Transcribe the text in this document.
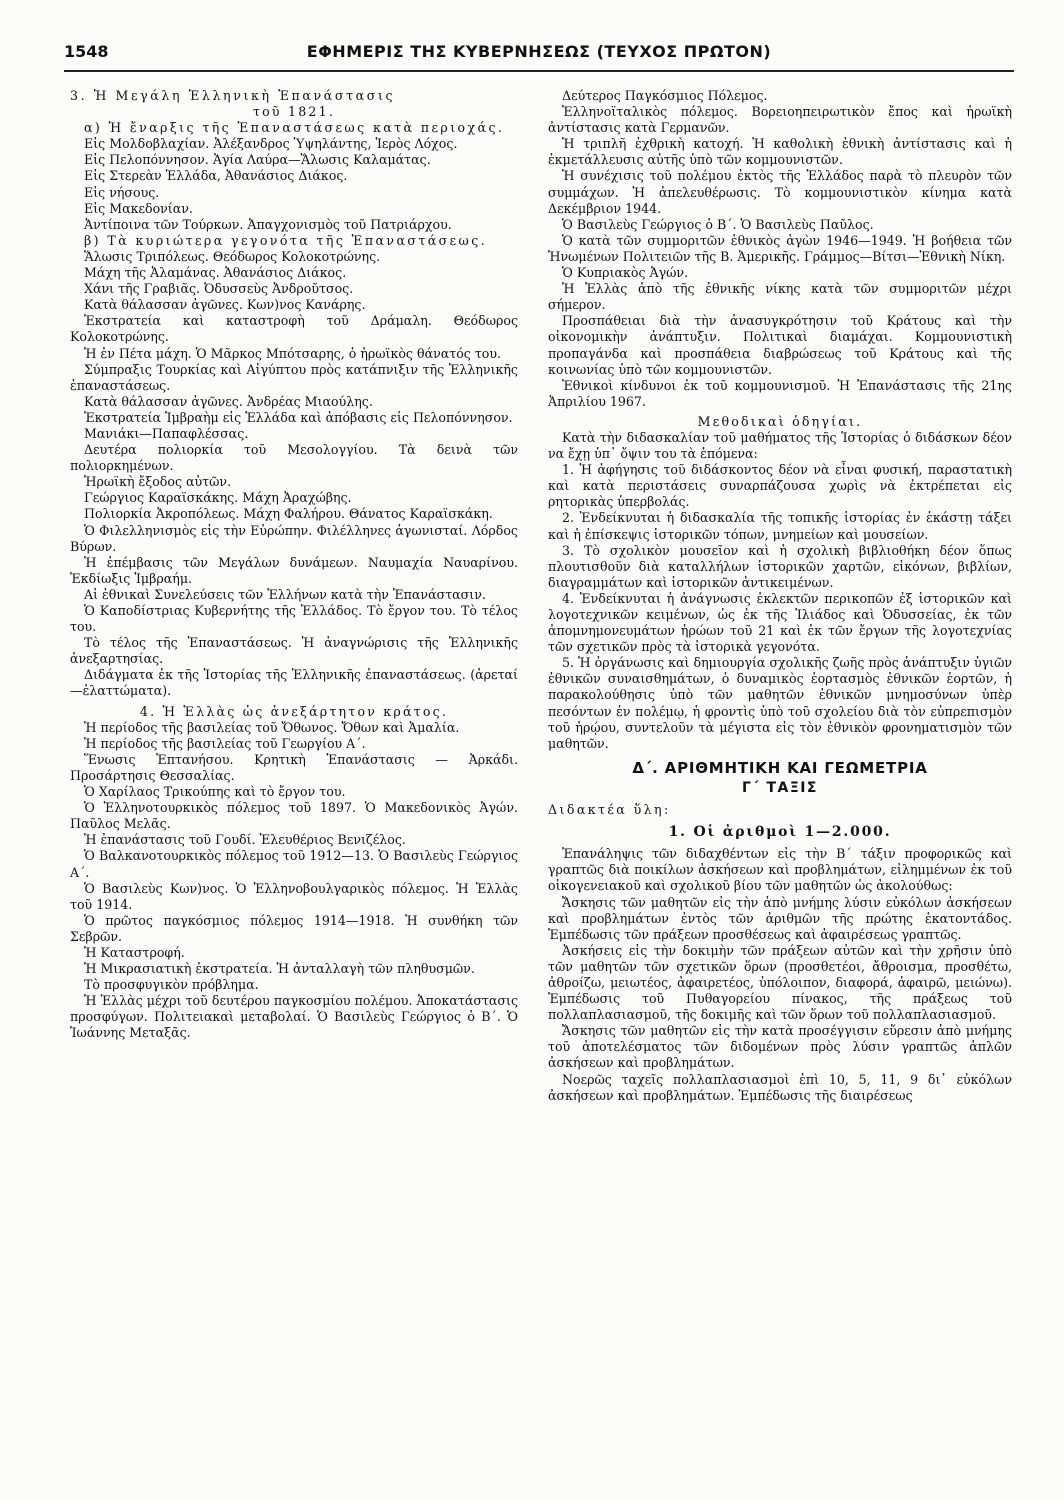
1548	ΕΦΗΜΕΡΙΣ ΤΗΣ ΚΥΒΕΡΝΗΣΕΩΣ (ΤΕΥΧΟΣ ΠΡΩΤΟΝ)

3. Ἡ Μεγάλη Ἑλληνικὴ Ἐπανάστασις

τοῦ 1821.

α) Ἡ ἔναρξις τῆς Ἐπαναστάσεως κατὰ περιοχάς.

Εἰς Μολδοβλαχίαν. Ἀλέξανδρος Ὑψηλάντης, Ἱερὸς Λόχος.

Εἰς Πελοπόννησον. Ἁγία Λαύρα—Ἅλωσις Καλαμάτας.

Εἰς Στερεὰν Ἑλλάδα, Ἀθανάσιος Διάκος.

Εἰς νήσους.

Εἰς Μακεδονίαν.

Ἀντίποινα τῶν Τούρκων. Ἀπαγχονισμὸς τοῦ Πατριάρχου.

β) Τὰ κυριώτερα γεγονότα τῆς Ἐπαναστάσεως.

Ἅλωσις Τριπόλεως. Θεόδωρος Κολοκοτρώνης.

Μάχη τῆς Ἀλαμάνας. Ἀθανάσιος Διάκος.

Χάνι τῆς Γραβιᾶς. Ὀδυσσεὺς Ἀνδροῦτσος.

Κατὰ θάλασσαν ἀγῶνες. Κων)νος Κανάρης.

Ἐκστρατεία καὶ καταστροφὴ τοῦ Δράμαλη. Θεόδωρος Κολοκοτρώνης.

Ἡ ἐν Πέτα μάχη. Ὁ Μᾶρκος Μπότσαρης, ὁ ἡρωϊκὸς θάνατός του.

Σύμπραξις Τουρκίας καὶ Αἰγύπτου πρὸς κατάπνιξιν τῆς Ἑλληνικῆς ἐπαναστάσεως.

Κατὰ θάλασσαν ἀγῶνες. Ἀνδρέας Μιαούλης.

Ἐκστρατεία Ἰμβραὴμ εἰς Ἑλλάδα καὶ ἀπόβασις εἰς Πελοπόννησον.

Μανιάκι—Παπαφλέσσας.

Δευτέρα πολιορκία τοῦ Μεσολογγίου. Τὰ δεινὰ τῶν πολιορκημένων.

Ἡρωϊκὴ ἔξοδος αὐτῶν.

Γεώργιος Καραϊσκάκης. Μάχη Ἀραχώβης.

Πολιορκία Ἀκροπόλεως. Μάχη Φαλήρου. Θάνατος Καραϊσκάκη.

Ὁ Φιλελληνισμὸς εἰς τὴν Εὐρώπην. Φιλέλληνες ἀγωνισταί. Λόρδος Βύρων.

Ἡ ἐπέμβασις τῶν Μεγάλων δυνάμεων. Ναυμαχία Ναυαρίνου. Ἐκδίωξις Ἰμβραήμ.

Αἱ ἐθνικαὶ Συνελεύσεις τῶν Ἑλλήνων κατὰ τὴν Ἐπανάστασιν.

Ὁ Καποδίστριας Κυβερνήτης τῆς Ἑλλάδος. Τὸ ἔργον του. Τὸ τέλος του.

Τὸ τέλος τῆς Ἐπαναστάσεως. Ἡ ἀναγνώρισις τῆς Ἑλληνικῆς ἀνεξαρτησίας.

Διδάγματα ἐκ τῆς Ἱστορίας τῆς Ἑλληνικῆς ἐπαναστάσεως. (ἀρεταί—ἐλαττώματα).

4. Ἡ Ἑλλὰς ὡς ἀνεξάρτητον κράτος.

Ἡ περίοδος τῆς βασιλείας τοῦ Ὄθωνος. Ὄθων καὶ Ἀμαλία.

Ἡ περίοδος τῆς βασιλείας τοῦ Γεωργίου Α΄.

Ἕνωσις Ἑπτανήσου. Κρητικὴ Ἐπανάστασις — Ἀρκάδι. Προσάρτησις Θεσσαλίας.

Ὁ Χαρίλαος Τρικούπης καὶ τὸ ἔργον του.

Ὁ Ἑλληνοτουρκικὸς πόλεμος τοῦ 1897. Ὁ Μακεδονικὸς Ἀγών. Παῦλος Μελᾶς.

Ἡ ἐπανάστασις τοῦ Γουδί. Ἐλευθέριος Βενιζέλος.

Ὁ Βαλκανοτουρκικὸς πόλεμος τοῦ 1912—13. Ὁ Βασιλεὺς Γεώργιος Α΄.

Ὁ Βασιλεὺς Κων)νος. Ὁ Ἑλληνοβουλγαρικὸς πόλεμος. Ἡ Ἑλλὰς τοῦ 1914.

Ὁ πρῶτος παγκόσμιος πόλεμος 1914—1918. Ἡ συνθήκη τῶν Σεβρῶν.

Ἡ Καταστροφή.

Ἡ Μικρασιατικὴ ἐκστρατεία. Ἡ ἀνταλλαγὴ τῶν πληθυσμῶν.

Τὸ προσφυγικὸν πρόβλημα.

Ἡ Ἑλλὰς μέχρι τοῦ δευτέρου παγκοσμίου πολέμου. Ἀποκατάστασις προσφύγων. Πολιτειακαὶ μεταβολαί. Ὁ Βασιλεὺς Γεώργιος ὁ Β΄. Ὁ Ἰωάννης Μεταξᾶς.

Δεύτερος Παγκόσμιος Πόλεμος.

Ἑλληνοϊταλικὸς πόλεμος. Βορειοηπειρωτικὸν ἔπος καὶ ἡρωϊκὴ ἀντίστασις κατὰ Γερμανῶν.

Ἡ τριπλῆ ἐχθρικὴ κατοχή. Ἡ καθολικὴ ἐθνικὴ ἀντίστασις καὶ ἡ ἐκμετάλλευσις αὐτῆς ὑπὸ τῶν κομμουνιστῶν.

Ἡ συνέχισις τοῦ πολέμου ἐκτὸς τῆς Ἑλλάδος παρὰ τὸ πλευρὸν τῶν συμμάχων. Ἡ ἀπελευθέρωσις. Τὸ κομμουνιστικὸν κίνημα κατὰ Δεκέμβριον 1944.

Ὁ Βασιλεὺς Γεώργιος ὁ Β΄. Ὁ Βασιλεὺς Παῦλος.

Ὁ κατὰ τῶν συμμοριτῶν ἐθνικὸς ἀγὼν 1946—1949. Ἡ βοήθεια τῶν Ἡνωμένων Πολιτειῶν τῆς Β. Ἀμερικῆς. Γράμμος—Βίτσι—Ἐθνικὴ Νίκη.

Ὁ Κυπριακὸς Ἀγών.

Ἡ Ἑλλὰς ἀπὸ τῆς ἐθνικῆς νίκης κατὰ τῶν συμμοριτῶν μέχρι σήμερον.

Προσπάθειαι διὰ τὴν ἀνασυγκρότησιν τοῦ Κράτους καὶ τὴν οἰκονομικὴν ἀνάπτυξιν. Πολιτικαὶ διαμάχαι. Κομμουνιστικὴ προπαγάνδα καὶ προσπάθεια διαβρώσεως τοῦ Κράτους καὶ τῆς κοινωνίας ὑπὸ τῶν κομμουνιστῶν.

Ἐθνικοὶ κίνδυνοι ἐκ τοῦ κομμουνισμοῦ. Ἡ Ἐπανάστασις τῆς 21ης Ἀπριλίου 1967.

Μεθοδικαὶ ὁδηγίαι.

Κατὰ τὴν διδασκαλίαν τοῦ μαθήματος τῆς Ἱστορίας ὁ διδάσκων δέον να ἔχῃ ὑπ᾽ ὄψιν του τὰ ἑπόμενα:

1. Ἡ ἀφήγησις τοῦ διδάσκοντος δέον νὰ εἶναι φυσική, παραστατικὴ καὶ κατὰ περιστάσεις συναρπάζουσα χωρὶς νὰ ἐκτρέπεται εἰς ρητορικὰς ὑπερβολάς.

2. Ἐνδείκνυται ἡ διδασκαλία τῆς τοπικῆς ἱστορίας ἐν ἑκάστῃ τάξει καὶ ἡ ἐπίσκεψις ἱστορικῶν τόπων, μνημείων καὶ μουσείων.

3. Τὸ σχολικὸν μουσεῖον καὶ ἡ σχολικὴ βιβλιοθήκη δέον ὅπως πλουτισθοῦν διὰ καταλλήλων ἱστορικῶν χαρτῶν, εἰκόνων, βιβλίων, διαγραμμάτων καὶ ἱστορικῶν ἀντικειμένων.

4. Ἐνδείκνυται ἡ ἀνάγνωσις ἐκλεκτῶν περικοπῶν ἐξ ἱστορικῶν καὶ λογοτεχνικῶν κειμένων, ὡς ἐκ τῆς Ἰλιάδος καὶ Ὀδυσσείας, ἐκ τῶν ἀπομνημονευμάτων ἡρώων τοῦ 21 καὶ ἐκ τῶν ἔργων τῆς λογοτεχνίας τῶν σχετικῶν πρὸς τὰ ἱστορικὰ γεγονότα.

5. Ἡ ὀργάνωσις καὶ δημιουργία σχολικῆς ζωῆς πρὸς ἀνάπτυξιν ὑγιῶν ἐθνικῶν συναισθημάτων, ὁ δυναμικὸς ἑορτασμὸς ἐθνικῶν ἑορτῶν, ἡ παρακολούθησις ὑπὸ τῶν μαθητῶν ἐθνικῶν μνημοσύνων ὑπὲρ πεσόντων ἐν πολέμῳ, ἡ φροντὶς ὑπὸ τοῦ σχολείου διὰ τὸν εὐπρεπισμὸν τοῦ ἡρῴου, συντελοῦν τὰ μέγιστα εἰς τὸν ἐθνικὸν φρονηματισμὸν τῶν μαθητῶν.

Δ΄. ΑΡΙΘΜΗΤΙΚΗ ΚΑΙ ΓΕΩΜΕΤΡΙΑ

Γ΄ ΤΑΞΙΣ

Διδακτέα ὕλη:

1. Οἱ ἀριθμοὶ 1—2.000.

Ἐπανάληψις τῶν διδαχθέντων εἰς τὴν Β΄ τάξιν προφορικῶς καὶ γραπτῶς διὰ ποικίλων ἀσκήσεων καὶ προβλημάτων, εἰλημμένων ἐκ τοῦ οἰκογενειακοῦ καὶ σχολικοῦ βίου τῶν μαθητῶν ὡς ἀκολούθως:

Ἄσκησις τῶν μαθητῶν εἰς τὴν ἀπὸ μνήμης λύσιν εὐκόλων ἀσκήσεων καὶ προβλημάτων ἐντὸς τῶν ἀριθμῶν τῆς πρώτης ἑκατοντάδος. Ἐμπέδωσις τῶν πράξεων προσθέσεως καὶ ἀφαιρέσεως γραπτῶς.

Ἀσκήσεις εἰς τὴν δοκιμὴν τῶν πράξεων αὐτῶν καὶ τὴν χρῆσιν ὑπὸ τῶν μαθητῶν τῶν σχετικῶν ὅρων (προσθετέοι, ἄθροισμα, προσθέτω, ἀθροίζω, μειωτέος, ἀφαιρετέος, ὑπόλοιπον, διαφορά, ἀφαιρῶ, μειώνω). Ἐμπέδωσις τοῦ Πυθαγορείου πίνακος, τῆς πράξεως τοῦ πολλαπλασιασμοῦ, τῆς δοκιμῆς καὶ τῶν ὅρων τοῦ πολλαπλασιασμοῦ.

Ἄσκησις τῶν μαθητῶν εἰς τὴν κατὰ προσέγγισιν εὕρεσιν ἀπὸ μνήμης τοῦ ἀποτελέσματος τῶν διδομένων πρὸς λύσιν γραπτῶς ἁπλῶν ἀσκήσεων καὶ προβλημάτων.

Νοερῶς ταχεῖς πολλαπλασιασμοὶ ἐπὶ 10, 5, 11, 9 δι᾽ εὐκόλων ἀσκήσεων καὶ προβλημάτων. Ἐμπέδωσις τῆς διαιρέσεως
